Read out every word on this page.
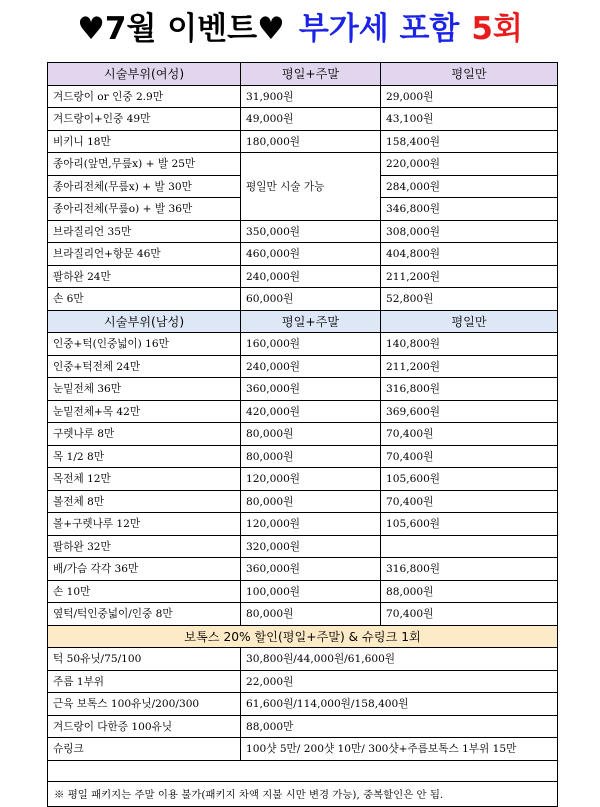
♥7월 이벤트♥ 부가세 포함 5회
시술부위(여성)	평일+주말	평일만
겨드랑이 or 인중 2.9만	31,900원	29,000원
겨드랑이+인중 49만	49,000원	43,100원
비키니 18만	180,000원	158,400원
종아리(앞면,무릎x) + 발 25만	평일만 시술 가능	220,000원
종아리전체(무릎x) + 발 30만		284,000원
종아리전체(무릎o) + 발 36만		346,800원
브라질리언 35만	350,000원	308,000원
브라질리언+항문 46만	460,000원	404,800원
팔하완 24만	240,000원	211,200원
손 6만	60,000원	52,800원
시술부위(남성)	평일+주말	평일만
인중+턱(인중넓이) 16만	160,000원	140,800원
인중+턱전체 24만	240,000원	211,200원
눈밑전체 36만	360,000원	316,800원
눈밑전체+목 42만	420,000원	369,600원
구렛나루 8만	80,000원	70,400원
목 1/2 8만	80,000원	70,400원
목전체 12만	120,000원	105,600원
볼전체 8만	80,000원	70,400원
볼+구렛나루 12만	120,000원	105,600원
팔하완 32만	320,000원	
배/가슴 각각 36만	360,000원	316,800원
손 10만	100,000원	88,000원
옆턱/턱인중넓이/인중 8만	80,000원	70,400원
보톡스 20% 할인(평일+주말) & 슈링크 1회		
턱 50유닛/75/100	30,800원/44,000원/61,600원	
주름 1부위	22,000원	
근육 보톡스 100유닛/200/300	61,600원/114,000원/158,400원	
겨드랑이 다한증 100유닛	88,000만	
슈링크	100샷 5만/ 200샷 10만/ 300샷+주름보톡스 1부위 15만	

※ 평일 패키지는 주말 이용 불가(패키지 차액 지불 시만 변경 가능), 중복할인은 안 됨.		
